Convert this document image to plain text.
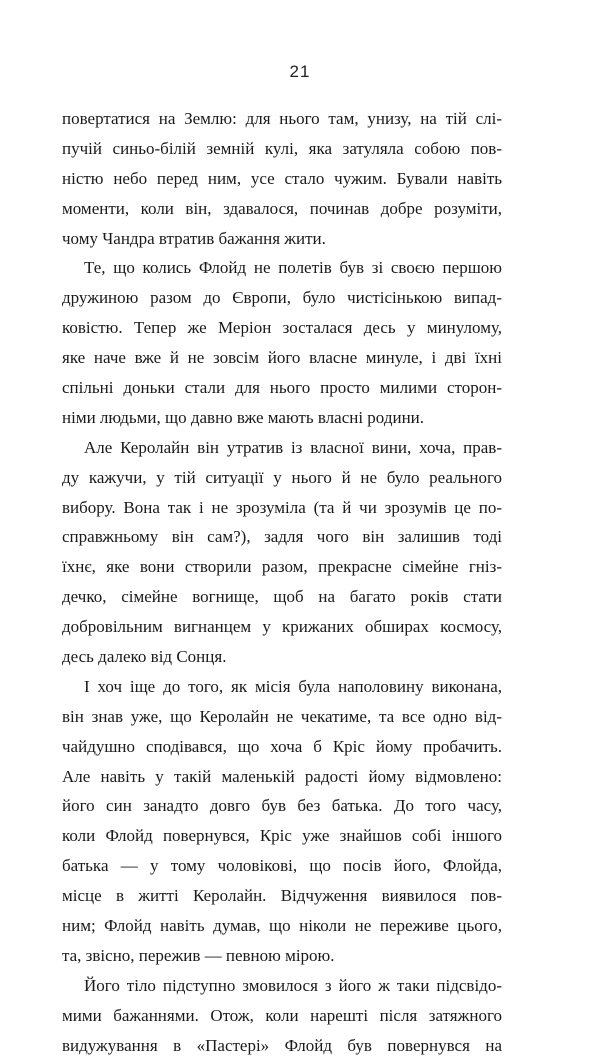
21
повертатися на Землю: для нього там, унизу, на тій слі-
пучій синьо-білій земній кулі, яка затуляла собою пов-
ністю небо перед ним, усе стало чужим. Бували навіть
моменти, коли він, здавалося, починав добре розуміти,
чому Чандра втратив бажання жити.
Те, що колись Флойд не полетів був зі своєю першою
дружиною разом до Європи, було чистісінькою випад-
ковістю. Тепер же Меріон зосталася десь у минулому,
яке наче вже й не зовсім його власне минуле, і дві їхні
спільні доньки стали для нього просто милими сторон-
німи людьми, що давно вже мають власні родини.
Але Керолайн він утратив із власної вини, хоча, прав-
ду кажучи, у тій ситуації у нього й не було реального
вибору. Вона так і не зрозуміла (та й чи зрозумів це по-
справжньому він сам?), задля чого він залишив тоді
їхнє, яке вони створили разом, прекрасне сімейне гніз-
дечко, сімейне вогнище, щоб на багато років стати
добровільним вигнанцем у крижаних обширах космосу,
десь далеко від Сонця.
І хоч іще до того, як місія була наполовину виконана,
він знав уже, що Керолайн не чекатиме, та все одно від-
чайдушно сподівався, що хоча б Кріс йому пробачить.
Але навіть у такій маленькій радості йому відмовлено:
його син занадто довго був без батька. До того часу,
коли Флойд повернувся, Кріс уже знайшов собі іншого
батька — у тому чоловікові, що посів його, Флойда,
місце в житті Керолайн. Відчуження виявилося пов-
ним; Флойд навіть думав, що ніколи не переживе цього,
та, звісно, пережив — певною мірою.
Його тіло підступно змовилося з його ж таки підсвідо-
мими бажаннями. Отож, коли нарешті після затяжного
видужування в «Пастері» Флойд був повернувся на
